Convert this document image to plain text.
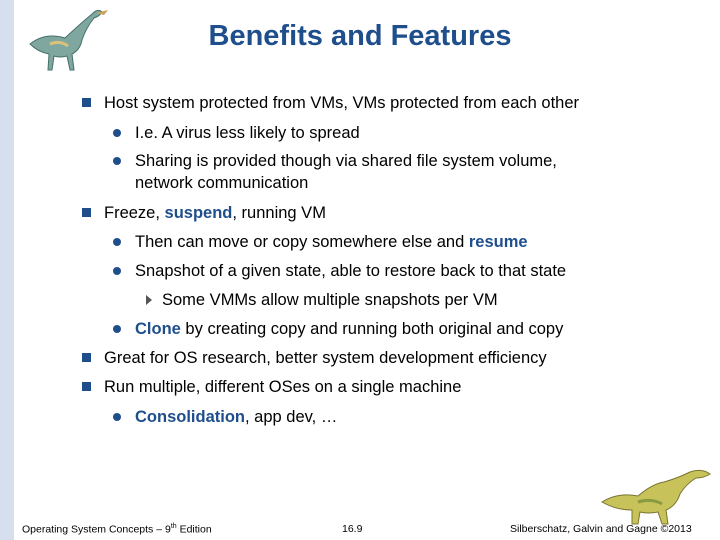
Benefits and Features
Host system protected from VMs, VMs protected from each other
I.e. A virus less likely to spread
Sharing is provided though via shared file system volume,
network communication
Freeze, suspend, running VM
Then can move or copy somewhere else and resume
Snapshot of a given state, able to restore back to that state
Some VMMs allow multiple snapshots per VM
Clone by creating copy and running both original and copy
Great for OS research, better system development efficiency
Run multiple, different OSes on a single machine
Consolidation, app dev, …
Operating System Concepts – 9th Edition	16.9	Silberschatz, Galvin and Gagne ©2013
